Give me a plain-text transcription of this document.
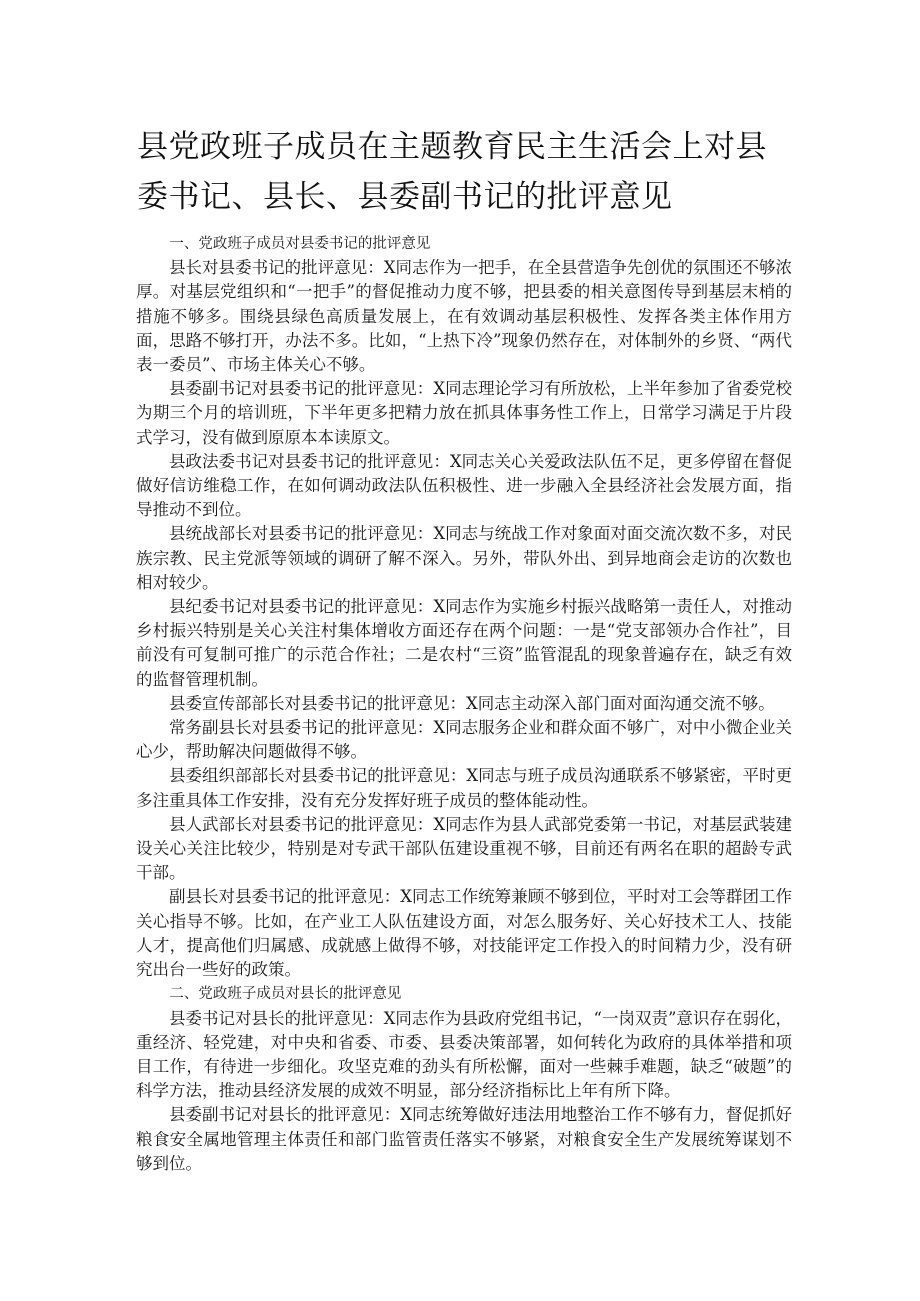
县党政班子成员在主题教育民主生活会上对县委书记、县长、县委副书记的批评意见

一、党政班子成员对县委书记的批评意见

县长对县委书记的批评意见：X同志作为一把手，在全县营造争先创优的氛围还不够浓厚。对基层党组织和“一把手”的督促推动力度不够，把县委的相关意图传导到基层末梢的措施不够多。围绕县绿色高质量发展上，在有效调动基层积极性、发挥各类主体作用方面，思路不够打开，办法不多。比如，“上热下冷”现象仍然存在，对体制外的乡贤、“两代表一委员”、市场主体关心不够。

县委副书记对县委书记的批评意见：X同志理论学习有所放松，上半年参加了省委党校为期三个月的培训班，下半年更多把精力放在抓具体事务性工作上，日常学习满足于片段式学习，没有做到原原本本读原文。

县政法委书记对县委书记的批评意见：X同志关心关爱政法队伍不足，更多停留在督促做好信访维稳工作，在如何调动政法队伍积极性、进一步融入全县经济社会发展方面，指导推动不到位。

县统战部长对县委书记的批评意见：X同志与统战工作对象面对面交流次数不多，对民族宗教、民主党派等领域的调研了解不深入。另外，带队外出、到异地商会走访的次数也相对较少。

县纪委书记对县委书记的批评意见：X同志作为实施乡村振兴战略第一责任人，对推动乡村振兴特别是关心关注村集体增收方面还存在两个问题：一是“党支部领办合作社”，目前没有可复制可推广的示范合作社；二是农村“三资”监管混乱的现象普遍存在，缺乏有效的监督管理机制。

县委宣传部部长对县委书记的批评意见：X同志主动深入部门面对面沟通交流不够。

常务副县长对县委书记的批评意见：X同志服务企业和群众面不够广，对中小微企业关心少，帮助解决问题做得不够。

县委组织部部长对县委书记的批评意见：X同志与班子成员沟通联系不够紧密，平时更多注重具体工作安排，没有充分发挥好班子成员的整体能动性。

县人武部长对县委书记的批评意见：X同志作为县人武部党委第一书记，对基层武装建设关心关注比较少，特别是对专武干部队伍建设重视不够，目前还有两名在职的超龄专武干部。

副县长对县委书记的批评意见：X同志工作统筹兼顾不够到位，平时对工会等群团工作关心指导不够。比如，在产业工人队伍建设方面，对怎么服务好、关心好技术工人、技能人才，提高他们归属感、成就感上做得不够，对技能评定工作投入的时间精力少，没有研究出台一些好的政策。

二、党政班子成员对县长的批评意见

县委书记对县长的批评意见：X同志作为县政府党组书记，“一岗双责”意识存在弱化，重经济、轻党建，对中央和省委、市委、县委决策部署，如何转化为政府的具体举措和项目工作，有待进一步细化。攻坚克难的劲头有所松懈，面对一些棘手难题，缺乏“破题”的科学方法，推动县经济发展的成效不明显，部分经济指标比上年有所下降。

县委副书记对县长的批评意见：X同志统筹做好违法用地整治工作不够有力，督促抓好粮食安全属地管理主体责任和部门监管责任落实不够紧，对粮食安全生产发展统筹谋划不够到位。
